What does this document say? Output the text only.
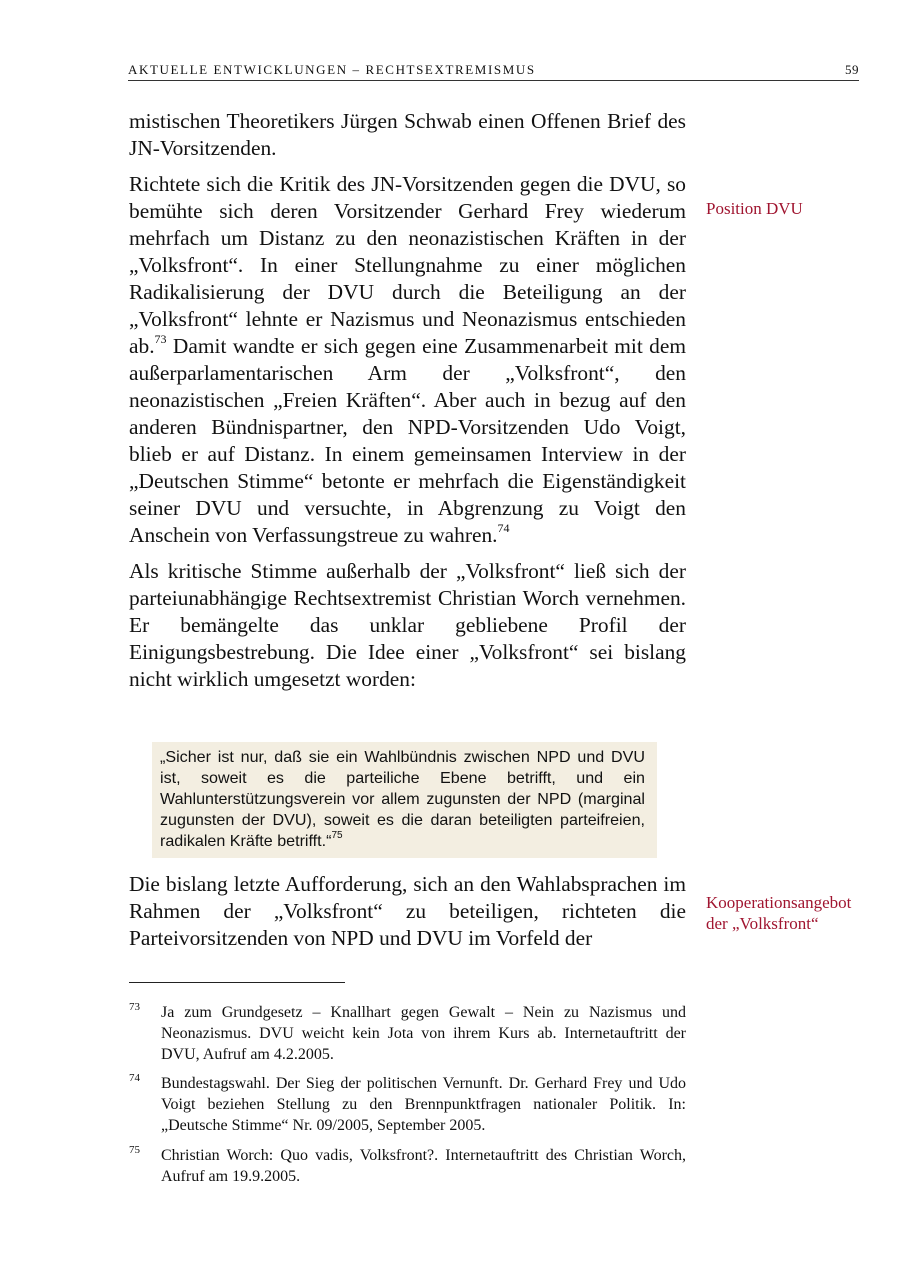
AKTUELLE ENTWICKLUNGEN – RECHTSEXTREMISMUS	59

mistischen Theoretikers Jürgen Schwab einen Offenen Brief des JN-Vorsitzenden.

Richtete sich die Kritik des JN-Vorsitzenden gegen die DVU, so bemühte sich deren Vorsitzender Gerhard Frey wiederum mehrfach um Distanz zu den neonazistischen Kräften in der „Volksfront“. In einer Stellungnahme zu einer möglichen Radikalisierung der DVU durch die Beteiligung an der „Volksfront“ lehnte er Nazismus und Neonazismus entschieden ab.$^{73}$ Damit wandte er sich gegen eine Zusammenarbeit mit dem außerparlamentarischen Arm der „Volksfront“, den neonazistischen „Freien Kräften“. Aber auch in bezug auf den anderen Bündnispartner, den NPD-Vorsitzenden Udo Voigt, blieb er auf Distanz. In einem gemeinsamen Interview in der „Deutschen Stimme“ betonte er mehrfach die Eigenständigkeit seiner DVU und versuchte, in Abgrenzung zu Voigt den Anschein von Verfassungstreue zu wahren.$^{74}$

Als kritische Stimme außerhalb der „Volksfront“ ließ sich der parteiunabhängige Rechtsextremist Christian Worch vernehmen. Er bemängelte das unklar gebliebene Profil der Einigungsbestrebung. Die Idee einer „Volksfront“ sei bislang nicht wirklich umgesetzt worden:

„Sicher ist nur, daß sie ein Wahlbündnis zwischen NPD und DVU ist, soweit es die parteiliche Ebene betrifft, und ein Wahlunterstützungsverein vor allem zugunsten der NPD (marginal zugunsten der DVU), soweit es die daran beteiligten parteifreien, radikalen Kräfte betrifft.“$^{75}$

Die bislang letzte Aufforderung, sich an den Wahlabsprachen im Rahmen der „Volksfront“ zu beteiligen, richteten die Parteivorsitzenden von NPD und DVU im Vorfeld der

Position DVU
Kooperationsangebot
der „Volksfront“
73 Ja zum Grundgesetz – Knallhart gegen Gewalt – Nein zu Nazismus und Neonazismus. DVU weicht kein Jota von ihrem Kurs ab. Internetauftritt der DVU, Aufruf am 4.2.2005.
74 Bundestagswahl. Der Sieg der politischen Vernunft. Dr. Gerhard Frey und Udo Voigt beziehen Stellung zu den Brennpunktfragen nationaler Politik. In: „Deutsche Stimme“ Nr. 09/2005, September 2005.
75 Christian Worch: Quo vadis, Volksfront?. Internetauftritt des Christian Worch, Aufruf am 19.9.2005.
